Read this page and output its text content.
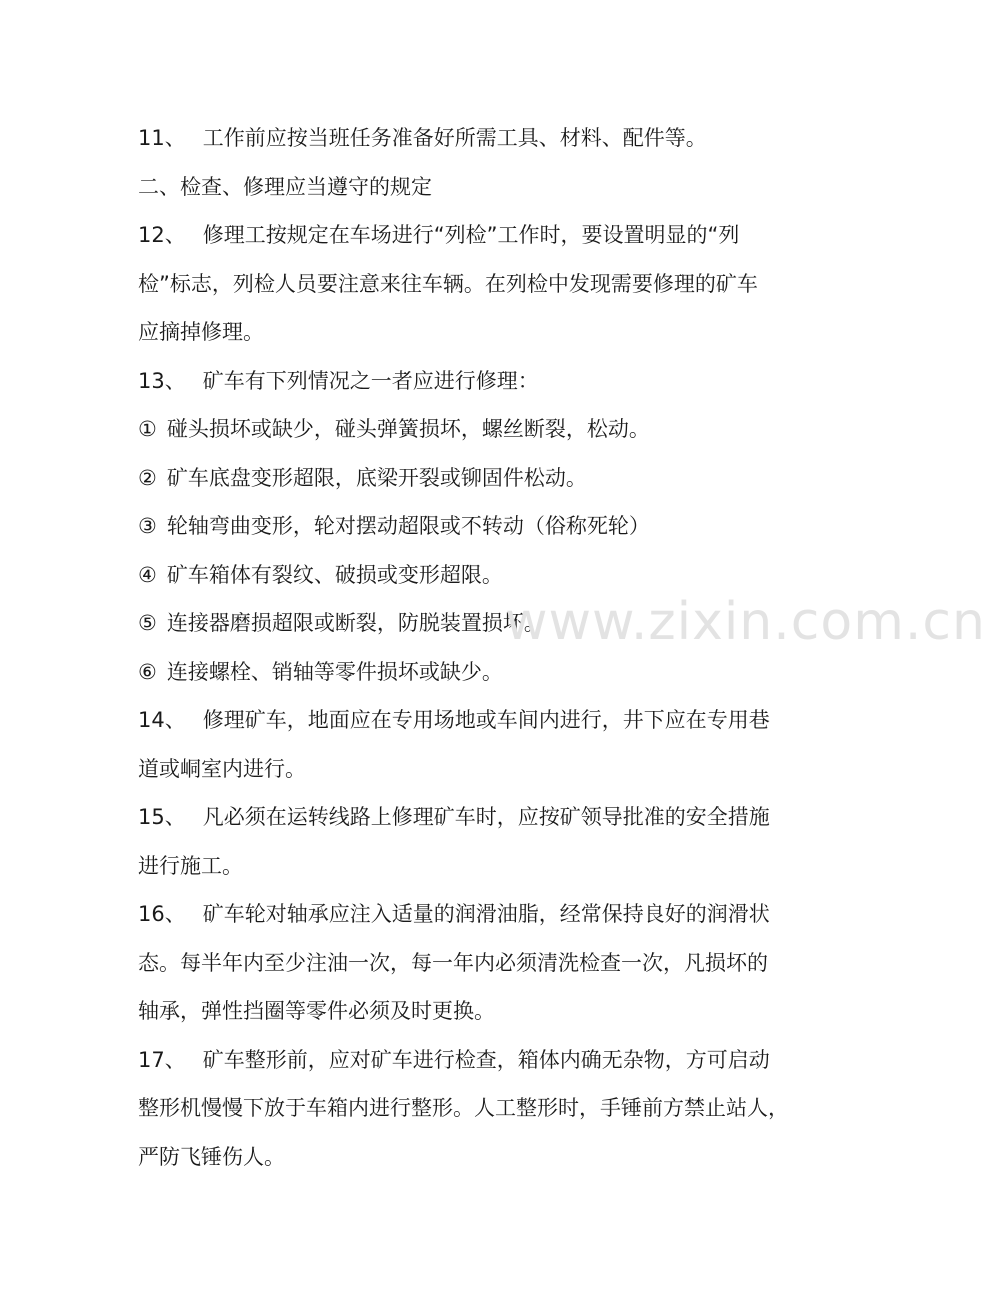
11、 工作前应按当班任务准备好所需工具、材料、配件等。
二、检查、修理应当遵守的规定
12、 修理工按规定在车场进行“列检”工作时，要设置明显的“列
检”标志，列检人员要注意来往车辆。在列检中发现需要修理的矿车
应摘掉修理。
13、 矿车有下列情况之一者应进行修理：
① 碰头损坏或缺少，碰头弹簧损坏，螺丝断裂，松动。
② 矿车底盘变形超限，底梁开裂或铆固件松动。
③ 轮轴弯曲变形，轮对摆动超限或不转动（俗称死轮）
④ 矿车箱体有裂纹、破损或变形超限。
⑤ 连接器磨损超限或断裂，防脱装置损坏。
⑥ 连接螺栓、销轴等零件损坏或缺少。
14、 修理矿车，地面应在专用场地或车间内进行，井下应在专用巷
道或峒室内进行。
15、 凡必须在运转线路上修理矿车时，应按矿领导批准的安全措施
进行施工。
16、 矿车轮对轴承应注入适量的润滑油脂，经常保持良好的润滑状
态。每半年内至少注油一次，每一年内必须清洗检查一次，凡损坏的
轴承，弹性挡圈等零件必须及时更换。
17、 矿车整形前，应对矿车进行检查，箱体内确无杂物，方可启动
整形机慢慢下放于车箱内进行整形。人工整形时，手锤前方禁止站人，
严防飞锤伤人。
www.zixin.com.cn
